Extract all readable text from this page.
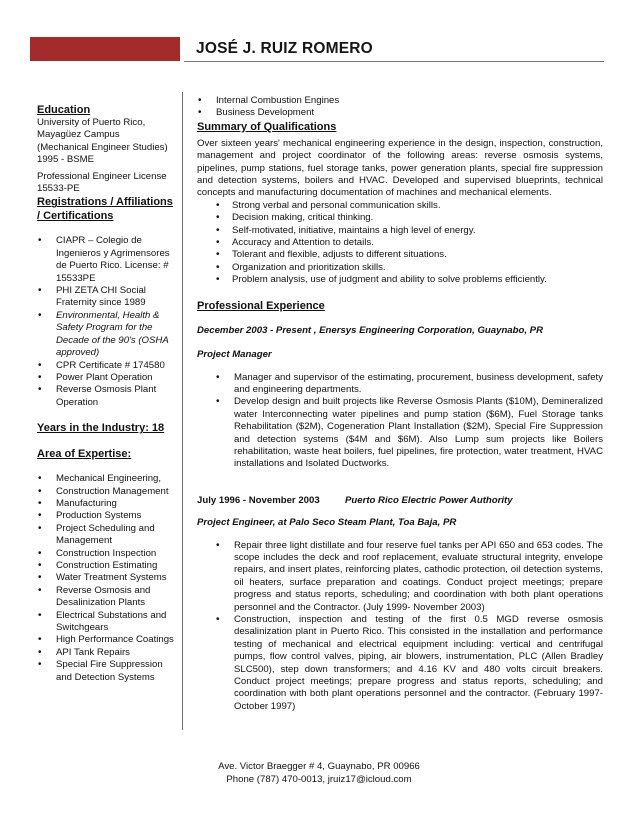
JOSÉ J. RUIZ ROMERO
Education

University of Puerto Rico,

Mayagüez Campus

(Mechanical Engineer Studies)

1995 - BSME

Professional Engineer License

15533-PE

Registrations / Affiliations / Certifications
• CIAPR – Colegio de Ingenieros y Agrimensores de Puerto Rico. License: # 15533PE
• PHI ZETA CHI Social Fraternity since 1989
• Environmental, Health & Safety Program for the Decade of the 90's (OSHA approved)
• CPR Certificate # 174580
• Power Plant Operation
• Reverse Osmosis Plant Operation
Years in the Industry: 18
Area of Expertise:
• Mechanical Engineering,
• Construction Management
• Manufacturing
• Production Systems
• Project Scheduling and Management
• Construction Inspection
• Construction Estimating
• Water Treatment Systems
• Reverse Osmosis and Desalinization Plants
• Electrical Substations and Switchgears
• High Performance Coatings
• API Tank Repairs
• Special Fire Suppression and Detection Systems
• Internal Combustion Engines
• Business Development
Summary of Qualifications

Over sixteen years' mechanical engineering experience in the design, inspection, construction, management and project coordinator of the following areas: reverse osmosis systems, pipelines, pump stations, fuel storage tanks, power generation plants, special fire suppression and detection systems, boilers and HVAC. Developed and supervised blueprints, technical concepts and manufacturing documentation of machines and mechanical elements.

• Strong verbal and personal communication skills.
• Decision making, critical thinking.
• Self-motivated, initiative, maintains a high level of energy.
• Accuracy and Attention to details.
• Tolerant and flexible, adjusts to different situations.
• Organization and prioritization skills.
• Problem analysis, use of judgment and ability to solve problems efficiently.
Professional Experience

December 2003 - Present , Enersys Engineering Corporation, Guaynabo, PR

Project Manager

• Manager and supervisor of the estimating, procurement, business development, safety and engineering departments.
• Develop design and built projects like Reverse Osmosis Plants ($10M), Demineralized water Interconnecting water pipelines and pump station ($6M), Fuel Storage tanks Rehabilitation ($2M), Cogeneration Plant Installation ($2M), Special Fire Suppression and detection systems ($4M and $6M). Also Lump sum projects like Boilers rehabilitation, waste heat boilers, fuel pipelines, fire protection, water treatment, HVAC installations and Isolated Ductworks.
July 1996 - November 2003	Puerto Rico Electric Power Authority

Project Engineer, at Palo Seco Steam Plant, Toa Baja, PR

• Repair three light distillate and four reserve fuel tanks per API 650 and 653 codes. The scope includes the deck and roof replacement, evaluate structural integrity, envelope repairs, and insert plates, reinforcing plates, cathodic protection, oil detection systems, oil heaters, surface preparation and coatings. Conduct project meetings; prepare progress and status reports, scheduling; and coordination with both plant operations personnel and the Contractor. (July 1999- November 2003)
• Construction, inspection and testing of the first 0.5 MGD reverse osmosis desalinization plant in Puerto Rico. This consisted in the installation and performance testing of mechanical and electrical equipment including: vertical and centrifugal pumps, flow control valves, piping, air blowers, instrumentation, PLC (Allen Bradley SLC500), step down transformers; and 4.16 KV and 480 volts circuit breakers. Conduct project meetings; prepare progress and status reports, scheduling; and coordination with both plant operations personnel and the contractor. (February 1997-October 1997)
Ave. Victor Braegger # 4, Guaynabo, PR 00966
Phone (787) 470-0013, jruiz17@icloud.com
